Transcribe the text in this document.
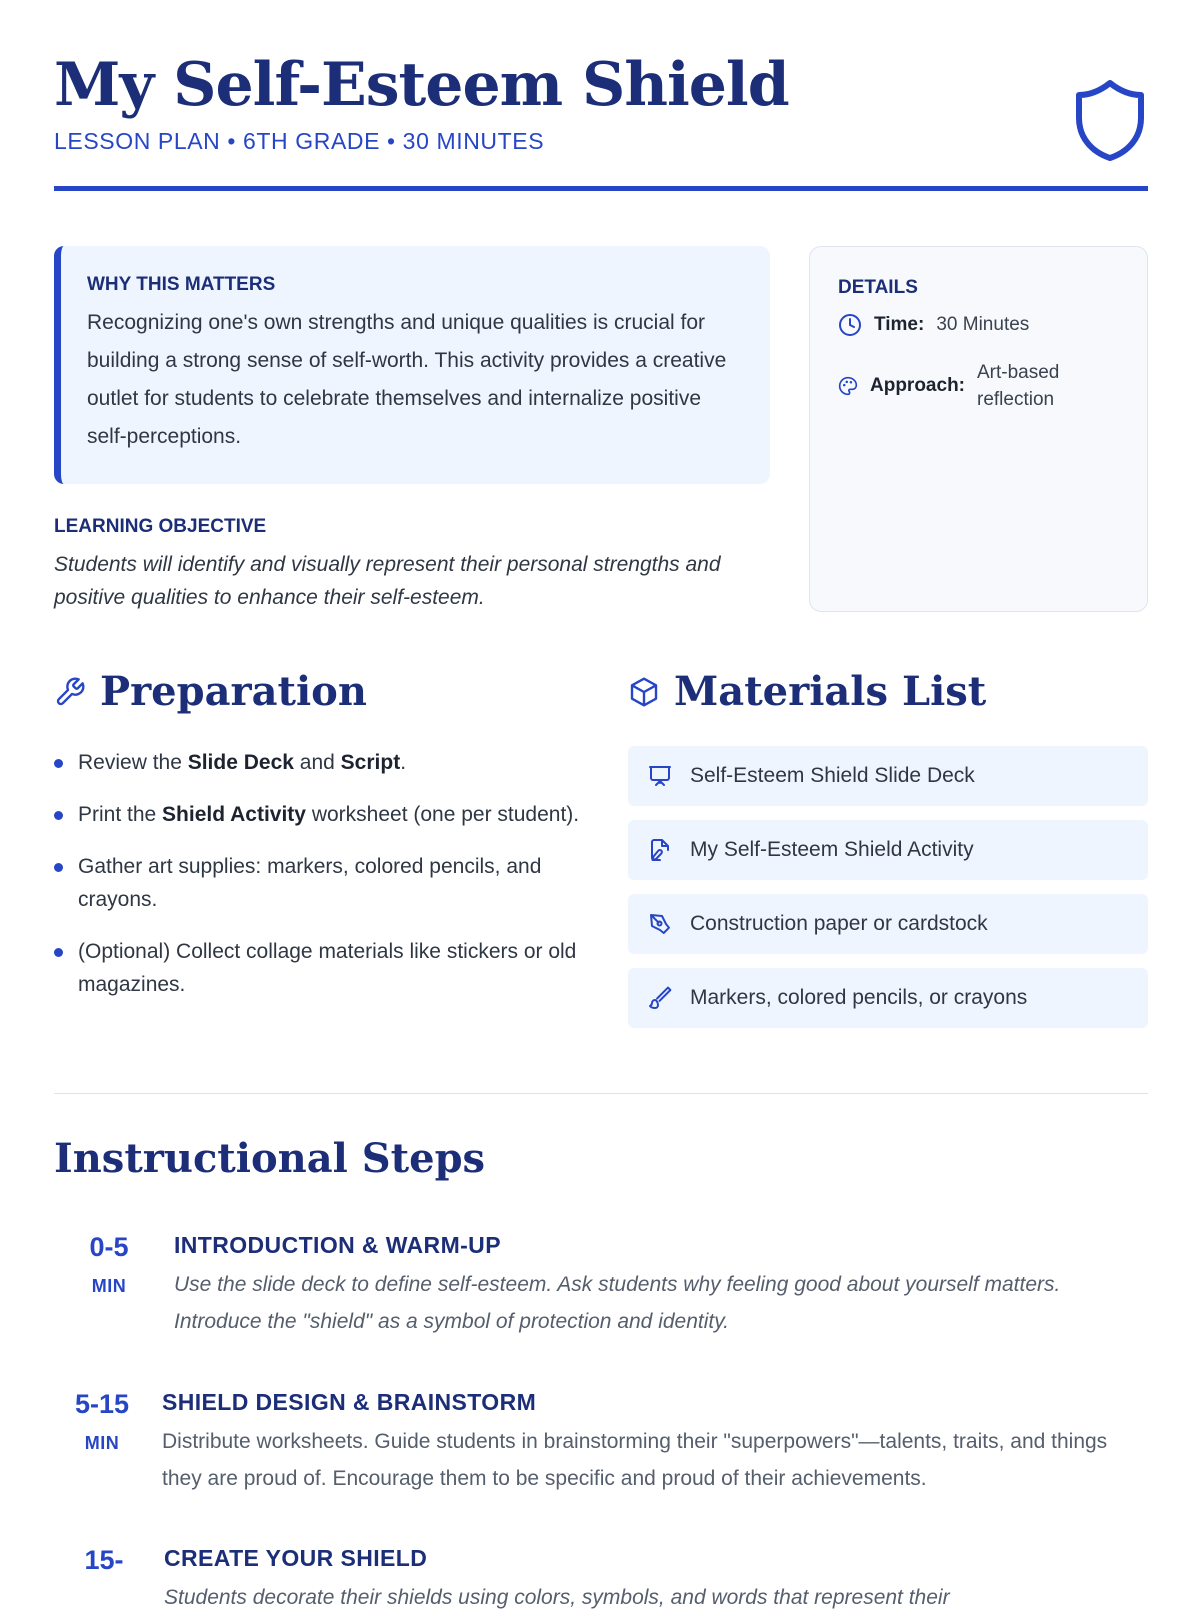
My Self-Esteem Shield
LESSON PLAN • 6TH GRADE • 30 MINUTES
WHY THIS MATTERS
Recognizing one's own strengths and unique qualities is crucial for building a strong sense of self-worth. This activity provides a creative outlet for students to celebrate themselves and internalize positive self-perceptions.
DETAILS
Time: 30 Minutes
Approach:
Art-based reflection
LEARNING OBJECTIVE
Students will identify and visually represent their personal strengths and positive qualities to enhance their self-esteem.
Preparation	Materials List
Review the Slide Deck and Script.
Print the Shield Activity worksheet (one per student).
Gather art supplies: markers, colored pencils, and crayons.
(Optional) Collect collage materials like stickers or old magazines.
Self-Esteem Shield Slide Deck
My Self-Esteem Shield Activity
Construction paper or cardstock
Markers, colored pencils, or crayons
Instructional Steps
0-5
MIN
INTRODUCTION & WARM-UP
Use the slide deck to define self-esteem. Ask students why feeling good about yourself matters. Introduce the "shield" as a symbol of protection and identity.
5-15
MIN
SHIELD DESIGN & BRAINSTORM
Distribute worksheets. Guide students in brainstorming their "superpowers"—talents, traits, and things they are proud of. Encourage them to be specific and proud of their achievements.
15-	CREATE YOUR SHIELD
Students decorate their shields using colors, symbols, and words that represent their
